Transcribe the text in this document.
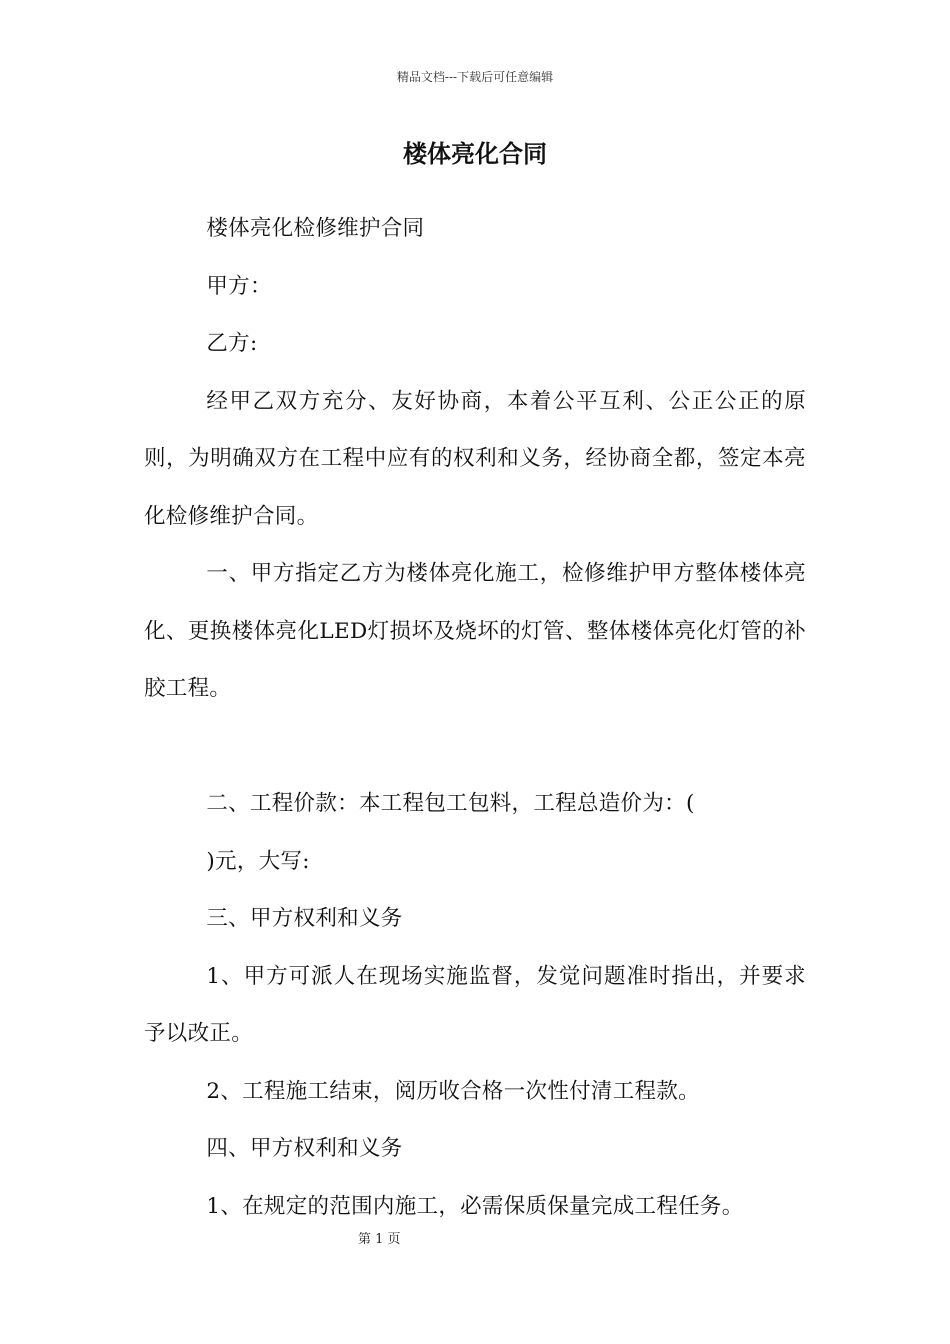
精品文档---下载后可任意编辑
楼体亮化合同

楼体亮化检修维护合同

甲方：

乙方:

经甲乙双方充分、友好协商，本着公平互利、公正公正的原则，为明确双方在工程中应有的权利和义务，经协商全都，签定本亮化检修维护合同。

一、甲方指定乙方为楼体亮化施工，检修维护甲方整体楼体亮化、更换楼体亮化LED灯损坏及烧坏的灯管、整体楼体亮化灯管的补胶工程。

二、工程价款：本工程包工包料，工程总造价为：(

)元，大写:

三、甲方权利和义务

1、甲方可派人在现场实施监督，发觉问题准时指出，并要求予以改正。

2、工程施工结束，阅历收合格一次性付清工程款。

四、甲方权利和义务

1、在规定的范围内施工，必需保质保量完成工程任务。

第 1 页
